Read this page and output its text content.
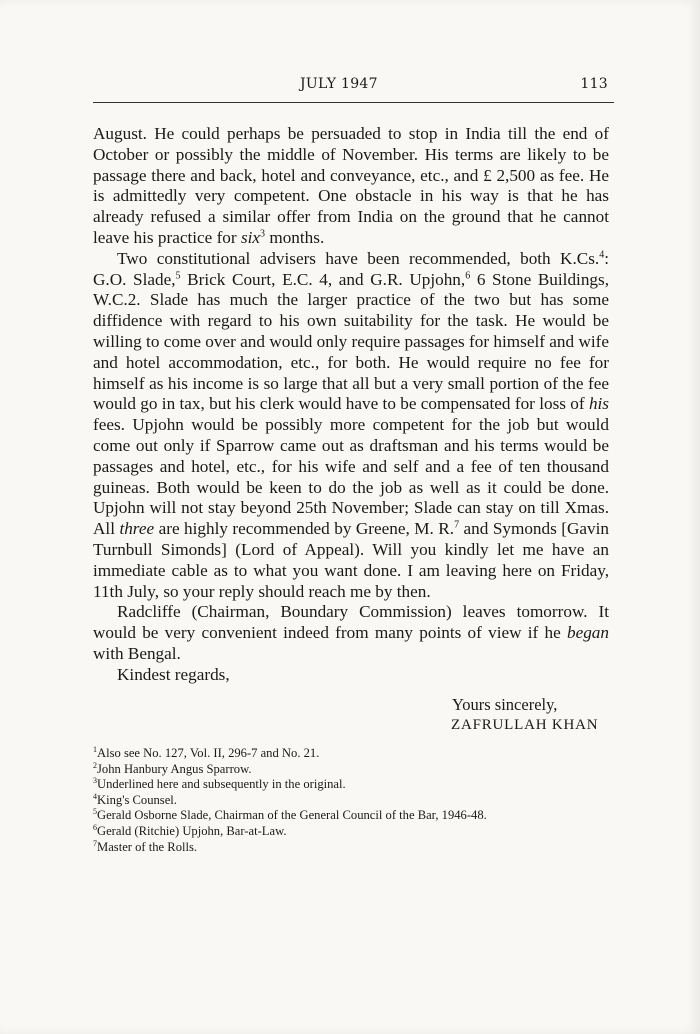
JULY 1947	113

August. He could perhaps be persuaded to stop in India till the end of October or possibly the middle of November. His terms are likely to be passage there and back, hotel and conveyance, etc., and £ 2,500 as fee. He is admittedly very competent. One obstacle in his way is that he has already refused a similar offer from India on the ground that he cannot leave his practice for six$^3$ months.

Two constitutional advisers have been recommended, both K.Cs.$^4$: G.O. Slade,$^5$ Brick Court, E.C. 4, and G.R. Upjohn,$^6$ 6 Stone Buildings, W.C.2. Slade has much the larger practice of the two but has some diffidence with regard to his own suitability for the task. He would be willing to come over and would only require passages for himself and wife and hotel accommodation, etc., for both. He would require no fee for himself as his income is so large that all but a very small portion of the fee would go in tax, but his clerk would have to be compensated for loss of his fees. Upjohn would be possibly more competent for the job but would come out only if Sparrow came out as draftsman and his terms would be passages and hotel, etc., for his wife and self and a fee of ten thousand guineas. Both would be keen to do the job as well as it could be done. Upjohn will not stay beyond 25th November; Slade can stay on till Xmas. All three are highly recommended by Greene, M. R.$^7$ and Symonds [Gavin Turnbull Simonds] (Lord of Appeal). Will you kindly let me have an immediate cable as to what you want done. I am leaving here on Friday, 11th July, so your reply should reach me by then.

Radcliffe (Chairman, Boundary Commission) leaves tomorrow. It would be very convenient indeed from many points of view if he began with Bengal.

Kindest regards,

Yours sincerely,
ZAFRULLAH KHAN
$^1$Also see No. 127, Vol. II, 296-7 and No. 21.
$^2$John Hanbury Angus Sparrow.
$^3$Underlined here and subsequently in the original.
$^4$King's Counsel.
$^5$Gerald Osborne Slade, Chairman of the General Council of the Bar, 1946-48.
$^6$Gerald (Ritchie) Upjohn, Bar-at-Law.
$^7$Master of the Rolls.
